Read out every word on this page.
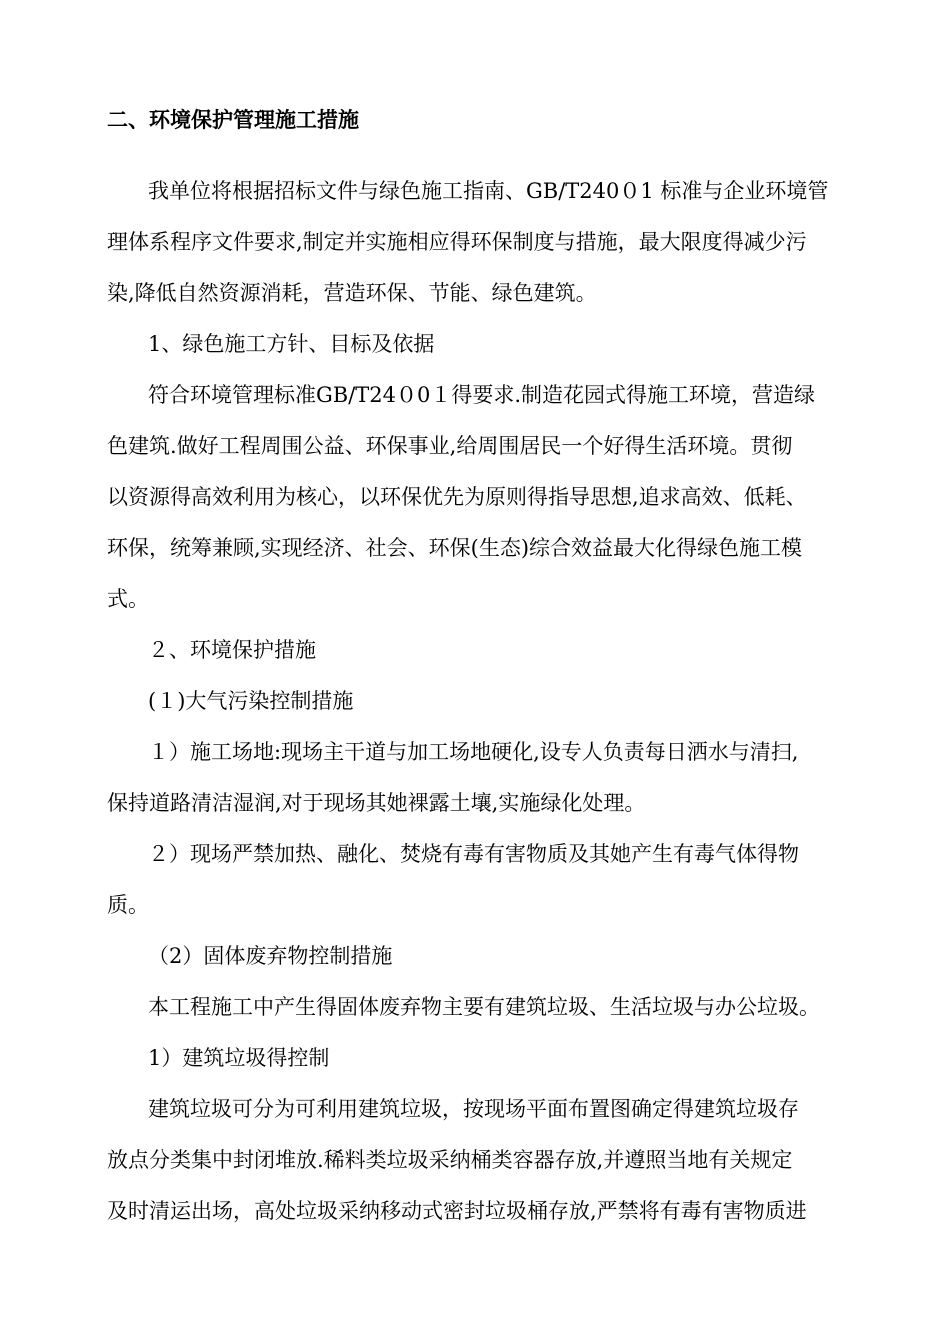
二、环境保护管理施工措施
我单位将根据招标文件与绿色施工指南、GB/T240０1 标准与企业环境管
理体系程序文件要求,制定并实施相应得环保制度与措施，最大限度得减少污
染,降低自然资源消耗，营造环保、节能、绿色建筑。
1、绿色施工方针、目标及依据
符合环境管理标准GB/T24０0１得要求.制造花园式得施工环境，营造绿
色建筑.做好工程周围公益、环保事业,给周围居民一个好得生活环境。贯彻
以资源得高效利用为核心，以环保优先为原则得指导思想,追求高效、低耗、
环保，统筹兼顾,实现经济、社会、环保(生态)综合效益最大化得绿色施工模
式。
２、环境保护措施
(１)大气污染控制措施
１）施工场地:现场主干道与加工场地硬化,设专人负责每日洒水与清扫,
保持道路清洁湿润,对于现场其她裸露土壤,实施绿化处理。
２）现场严禁加热、融化、焚烧有毒有害物质及其她产生有毒气体得物
质。
（2）固体废弃物控制措施
本工程施工中产生得固体废弃物主要有建筑垃圾、生活垃圾与办公垃圾。
1）建筑垃圾得控制
建筑垃圾可分为可利用建筑垃圾，按现场平面布置图确定得建筑垃圾存
放点分类集中封闭堆放.稀料类垃圾采纳桶类容器存放,并遵照当地有关规定
及时清运出场，高处垃圾采纳移动式密封垃圾桶存放,严禁将有毒有害物质进
